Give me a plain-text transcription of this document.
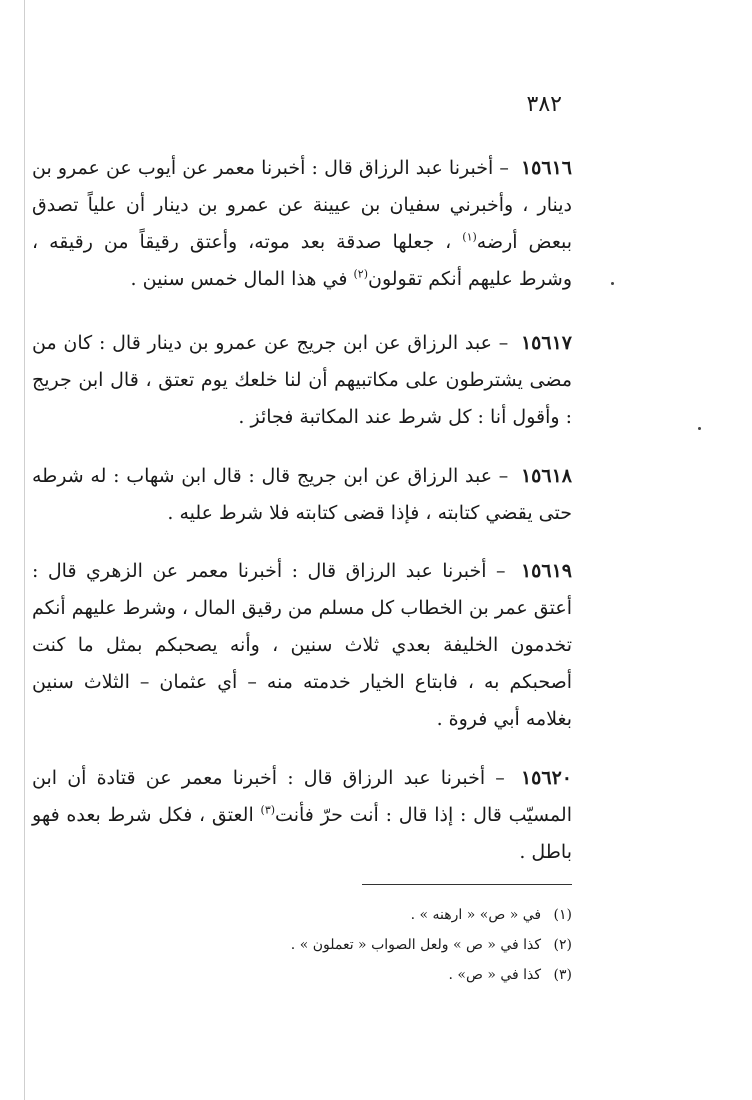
٣٨٢

١٥٦١٦ – أخبرنا عبد الرزاق قال : أخبرنا معمر عن أيوب عن عمرو بن دينار ، وأخبرني سفيان بن عيينة عن عمرو بن دينار أن علياً تصدق ببعض أرضه$^{(١)}$ ، جعلها صدقة بعد موته، وأعتق رقيقاً من رقيقه ، وشرط عليهم أنكم تقولون$^{(٢)}$ في هذا المال خمس سنين .

١٥٦١٧ – عبد الرزاق عن ابن جريج عن عمرو بن دينار قال : كان من مضى يشترطون على مكاتبيهم أن لنا خلعك يوم تعتق ، قال ابن جريج : وأقول أنا : كل شرط عند المكاتبة فجائز .

١٥٦١٨ – عبد الرزاق عن ابن جريج قال : قال ابن شهاب : له شرطه حتى يقضي كتابته ، فإذا قضى كتابته فلا شرط عليه .

١٥٦١٩ – أخبرنا عبد الرزاق قال : أخبرنا معمر عن الزهري قال : أعتق عمر بن الخطاب كل مسلم من رقيق المال ، وشرط عليهم أنكم تخدمون الخليفة بعدي ثلاث سنين ، وأنه يصحبكم بمثل ما كنت أصحبكم به ، فابتاع الخيار خدمته منه – أي عثمان – الثلاث سنين بغلامه أبي فروة .

١٥٦٢٠ – أخبرنا عبد الرزاق قال : أخبرنا معمر عن قتادة أن ابن المسيّب قال : إذا قال : أنت حرّ فأنت$^{(٣)}$ العتق ، فكل شرط بعده فهو باطل .

(١) في « ص» « ارهنه » .

(٢) كذا في « ص » ولعل الصواب « تعملون » .

(٣) كذا في « ص» .
